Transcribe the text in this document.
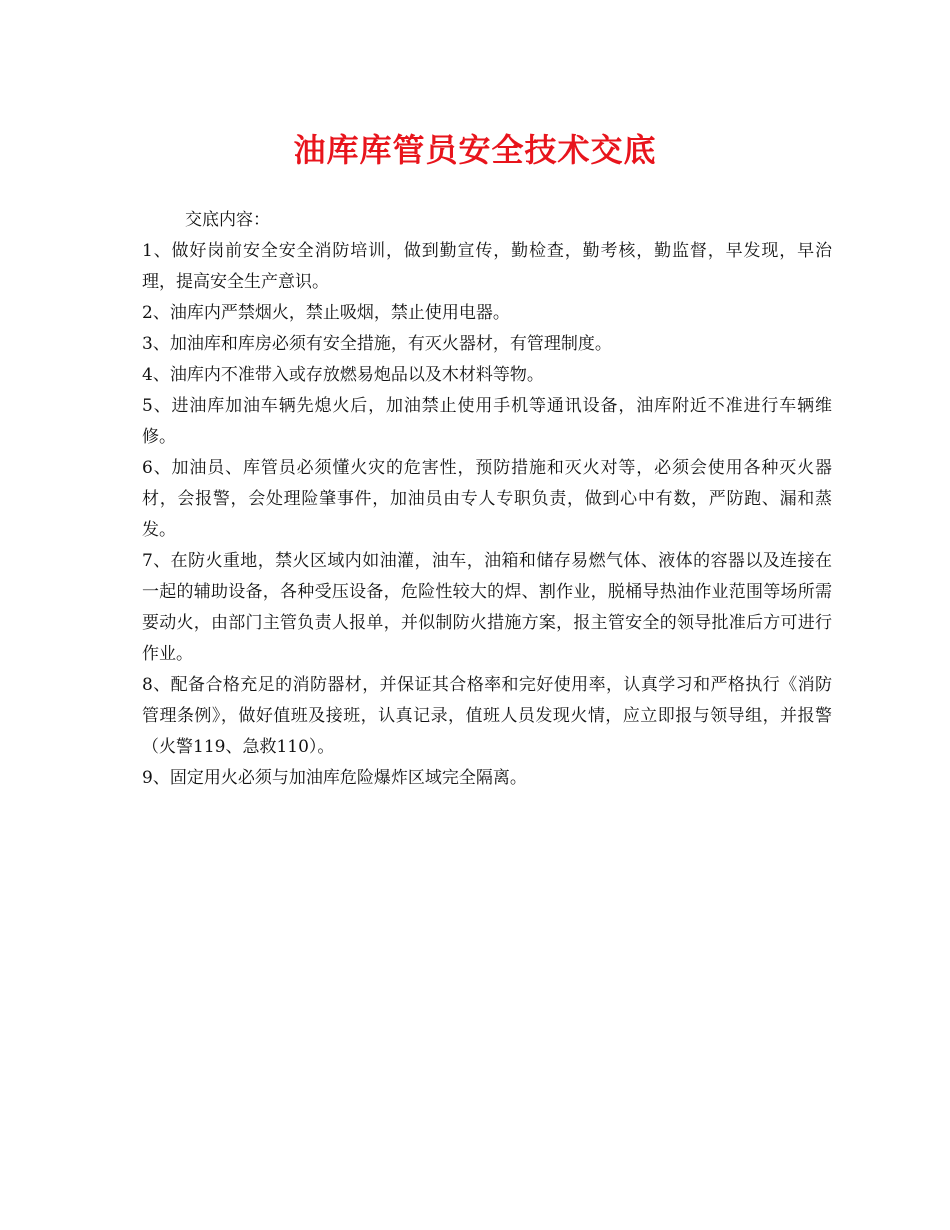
油库库管员安全技术交底

交底内容：

1、做好岗前安全安全消防培训，做到勤宣传，勤检查，勤考核，勤监督，早发现，早治理，提高安全生产意识。

2、油库内严禁烟火，禁止吸烟，禁止使用电器。

3、加油库和库房必须有安全措施，有灭火器材，有管理制度。

4、油库内不准带入或存放燃易炮品以及木材料等物。

5、进油库加油车辆先熄火后，加油禁止使用手机等通讯设备，油库附近不准进行车辆维修。

6、加油员、库管员必须懂火灾的危害性，预防措施和灭火对等，必须会使用各种灭火器材，会报警，会处理险肇事件，加油员由专人专职负责，做到心中有数，严防跑、漏和蒸发。

7、在防火重地，禁火区域内如油灌，油车，油箱和储存易燃气体、液体的容器以及连接在一起的辅助设备，各种受压设备，危险性较大的焊、割作业，脱桶导热油作业范围等场所需要动火，由部门主管负责人报单，并似制防火措施方案，报主管安全的领导批准后方可进行作业。

8、配备合格充足的消防器材，并保证其合格率和完好使用率，认真学习和严格执行《消防管理条例》，做好值班及接班，认真记录，值班人员发现火情，应立即报与领导组，并报警（火警119、急救110）。

9、固定用火必须与加油库危险爆炸区域完全隔离。
